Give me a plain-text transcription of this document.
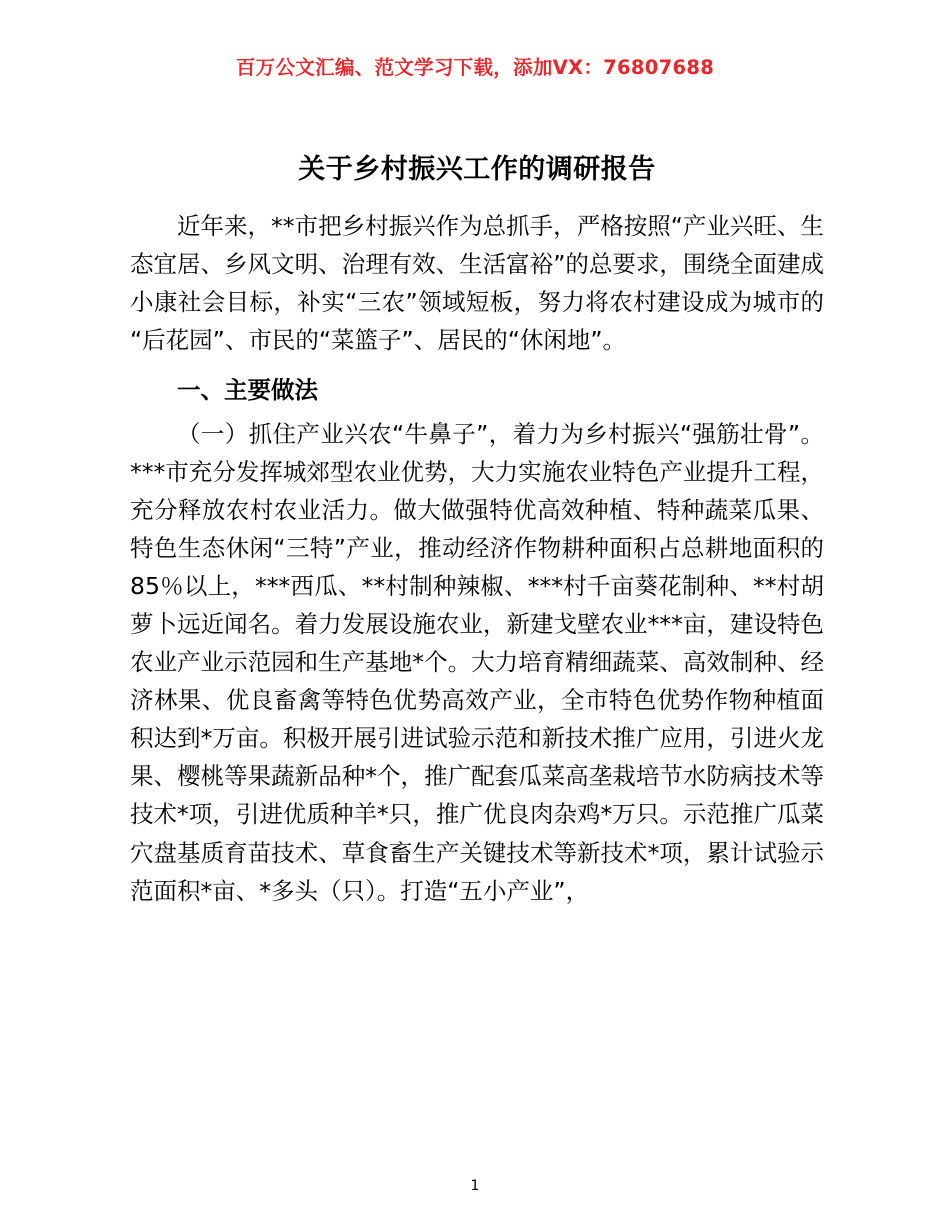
百万公文汇编、范文学习下载，添加VX：76807688
关于乡村振兴工作的调研报告

近年来，**市把乡村振兴作为总抓手，严格按照“产业兴旺、生态宜居、乡风文明、治理有效、生活富裕”的总要求，围绕全面建成小康社会目标，补实“三农”领域短板，努力将农村建设成为城市的“后花园”、市民的“菜篮子”、居民的“休闲地”。

一、主要做法

（一）抓住产业兴农“牛鼻子”，着力为乡村振兴“强筋壮骨”。***市充分发挥城郊型农业优势，大力实施农业特色产业提升工程，充分释放农村农业活力。做大做强特优高效种植、特种蔬菜瓜果、特色生态休闲“三特”产业，推动经济作物耕种面积占总耕地面积的85％以上，***西瓜、**村制种辣椒、***村千亩葵花制种、**村胡萝卜远近闻名。着力发展设施农业，新建戈壁农业***亩，建设特色农业产业示范园和生产基地*个。大力培育精细蔬菜、高效制种、经济林果、优良畜禽等特色优势高效产业，全市特色优势作物种植面积达到*万亩。积极开展引进试验示范和新技术推广应用，引进火龙果、樱桃等果蔬新品种*个，推广配套瓜菜高垄栽培节水防病技术等技术*项，引进优质种羊*只，推广优良肉杂鸡*万只。示范推广瓜菜穴盘基质育苗技术、草食畜生产关键技术等新技术*项，累计试验示范面积*亩、*多头（只）。打造“五小产业”，

1
